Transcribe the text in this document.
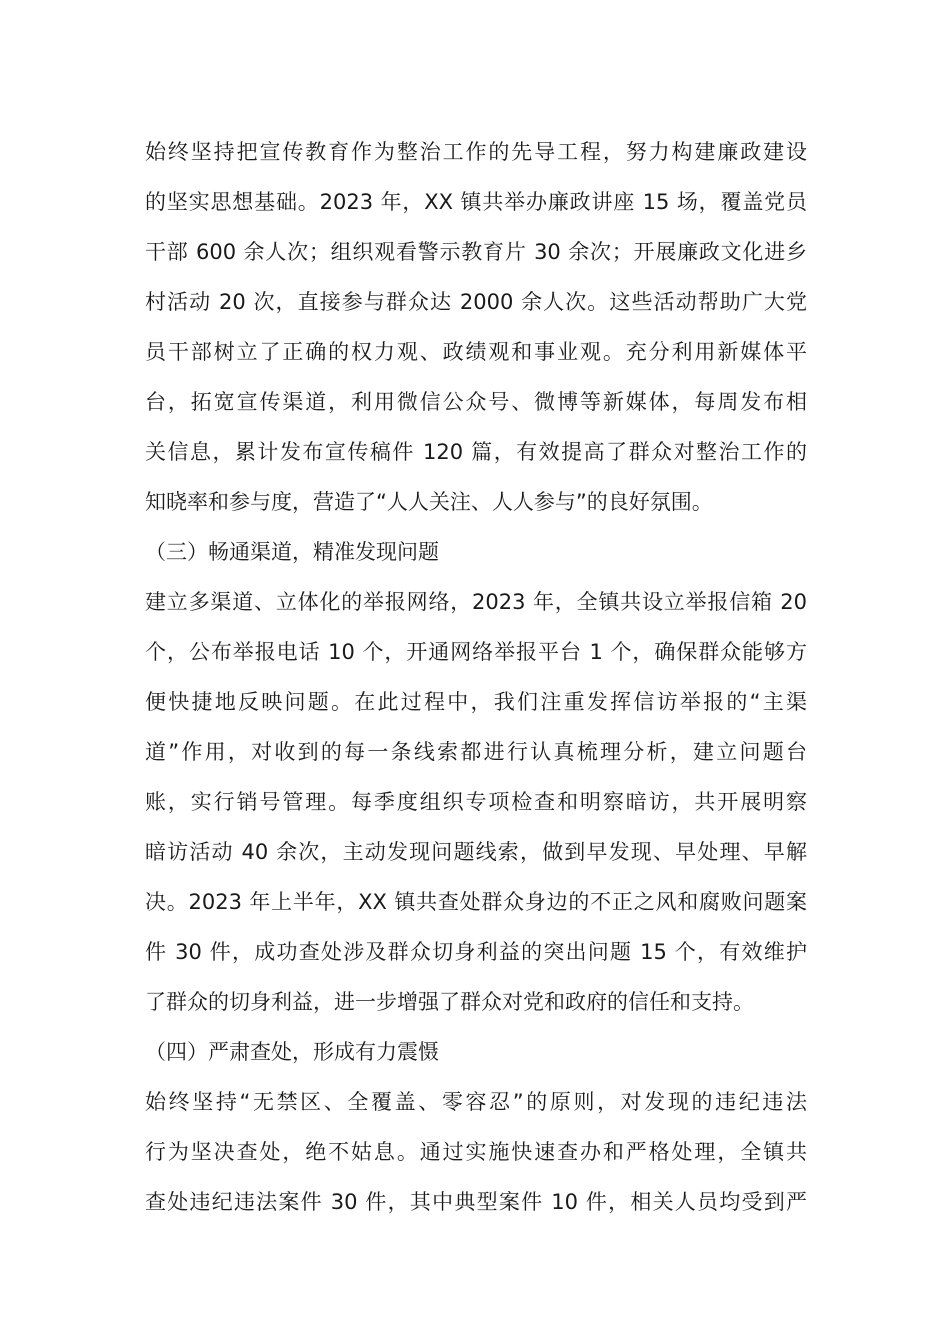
始终坚持把宣传教育作为整治工作的先导工程，努力构建廉政建设
的坚实思想基础。2023 年，XX 镇共举办廉政讲座 15 场，覆盖党员
干部 600 余人次；组织观看警示教育片 30 余次；开展廉政文化进乡
村活动 20 次，直接参与群众达 2000 余人次。这些活动帮助广大党
员干部树立了正确的权力观、政绩观和事业观。充分利用新媒体平
台，拓宽宣传渠道，利用微信公众号、微博等新媒体，每周发布相
关信息，累计发布宣传稿件 120 篇，有效提高了群众对整治工作的
知晓率和参与度，营造了“人人关注、人人参与”的良好氛围。
（三）畅通渠道，精准发现问题
建立多渠道、立体化的举报网络，2023 年，全镇共设立举报信箱 20
个，公布举报电话 10 个，开通网络举报平台 1 个，确保群众能够方
便快捷地反映问题。在此过程中，我们注重发挥信访举报的“主渠
道”作用，对收到的每一条线索都进行认真梳理分析，建立问题台
账，实行销号管理。每季度组织专项检查和明察暗访，共开展明察
暗访活动 40 余次，主动发现问题线索，做到早发现、早处理、早解
决。2023 年上半年，XX 镇共查处群众身边的不正之风和腐败问题案
件 30 件，成功查处涉及群众切身利益的突出问题 15 个，有效维护
了群众的切身利益，进一步增强了群众对党和政府的信任和支持。
（四）严肃查处，形成有力震慑
始终坚持“无禁区、全覆盖、零容忍”的原则，对发现的违纪违法
行为坚决查处，绝不姑息。通过实施快速查办和严格处理，全镇共
查处违纪违法案件 30 件，其中典型案件 10 件，相关人员均受到严
